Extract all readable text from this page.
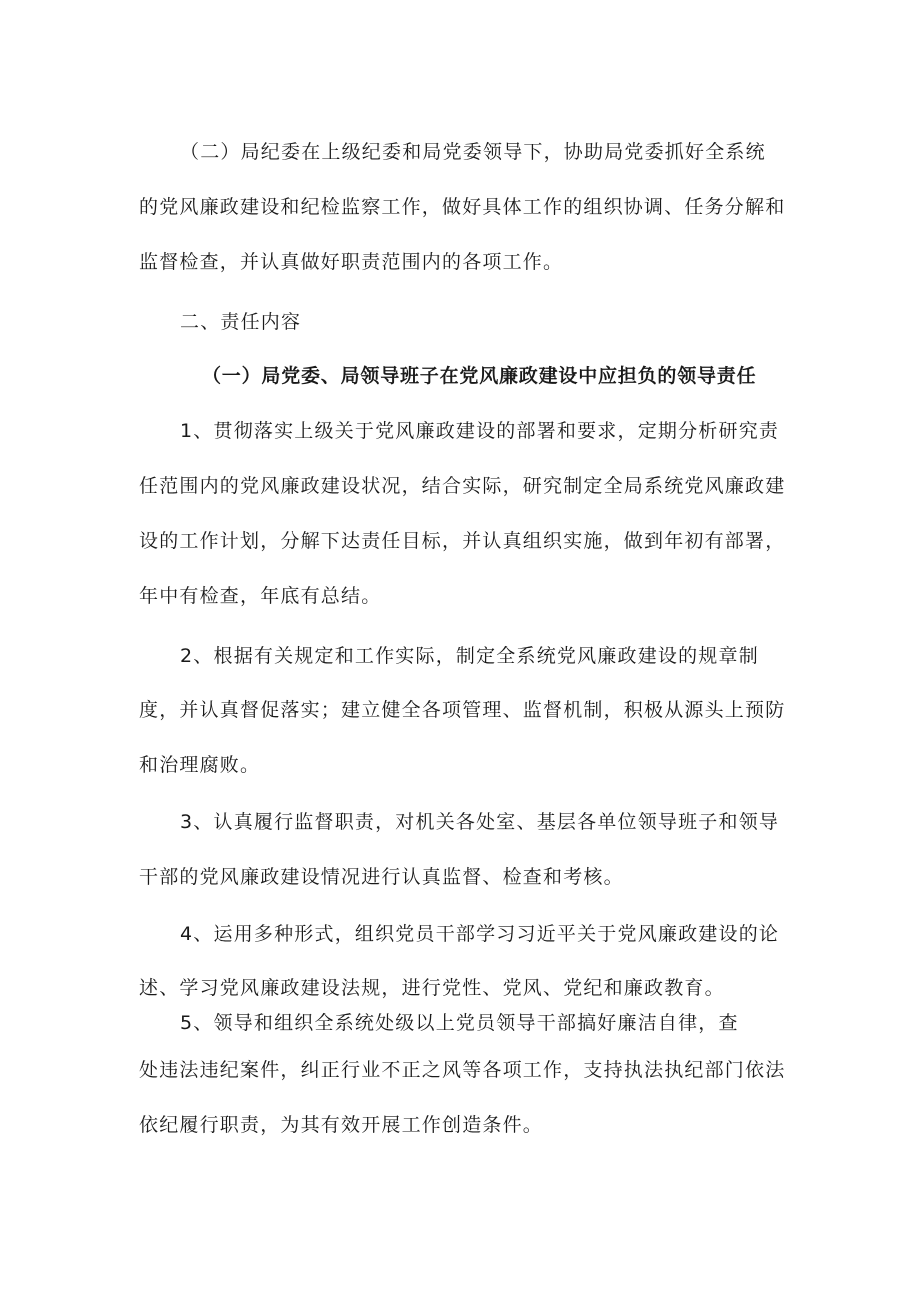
（二）局纪委在上级纪委和局党委领导下，协助局党委抓好全系统
的党风廉政建设和纪检监察工作，做好具体工作的组织协调、任务分解和
监督检查，并认真做好职责范围内的各项工作。
二、责任内容
（一）局党委、局领导班子在党风廉政建设中应担负的领导责任
1、贯彻落实上级关于党风廉政建设的部署和要求，定期分析研究责
任范围内的党风廉政建设状况，结合实际，研究制定全局系统党风廉政建
设的工作计划，分解下达责任目标，并认真组织实施，做到年初有部署，
年中有检查，年底有总结。
2、根据有关规定和工作实际，制定全系统党风廉政建设的规章制
度，并认真督促落实；建立健全各项管理、监督机制，积极从源头上预防
和治理腐败。
3、认真履行监督职责，对机关各处室、基层各单位领导班子和领导
干部的党风廉政建设情况进行认真监督、检查和考核。
4、运用多种形式，组织党员干部学习习近平关于党风廉政建设的论
述、学习党风廉政建设法规，进行党性、党风、党纪和廉政教育。
5、领导和组织全系统处级以上党员领导干部搞好廉洁自律，查
处违法违纪案件，纠正行业不正之风等各项工作，支持执法执纪部门依法
依纪履行职责，为其有效开展工作创造条件。
